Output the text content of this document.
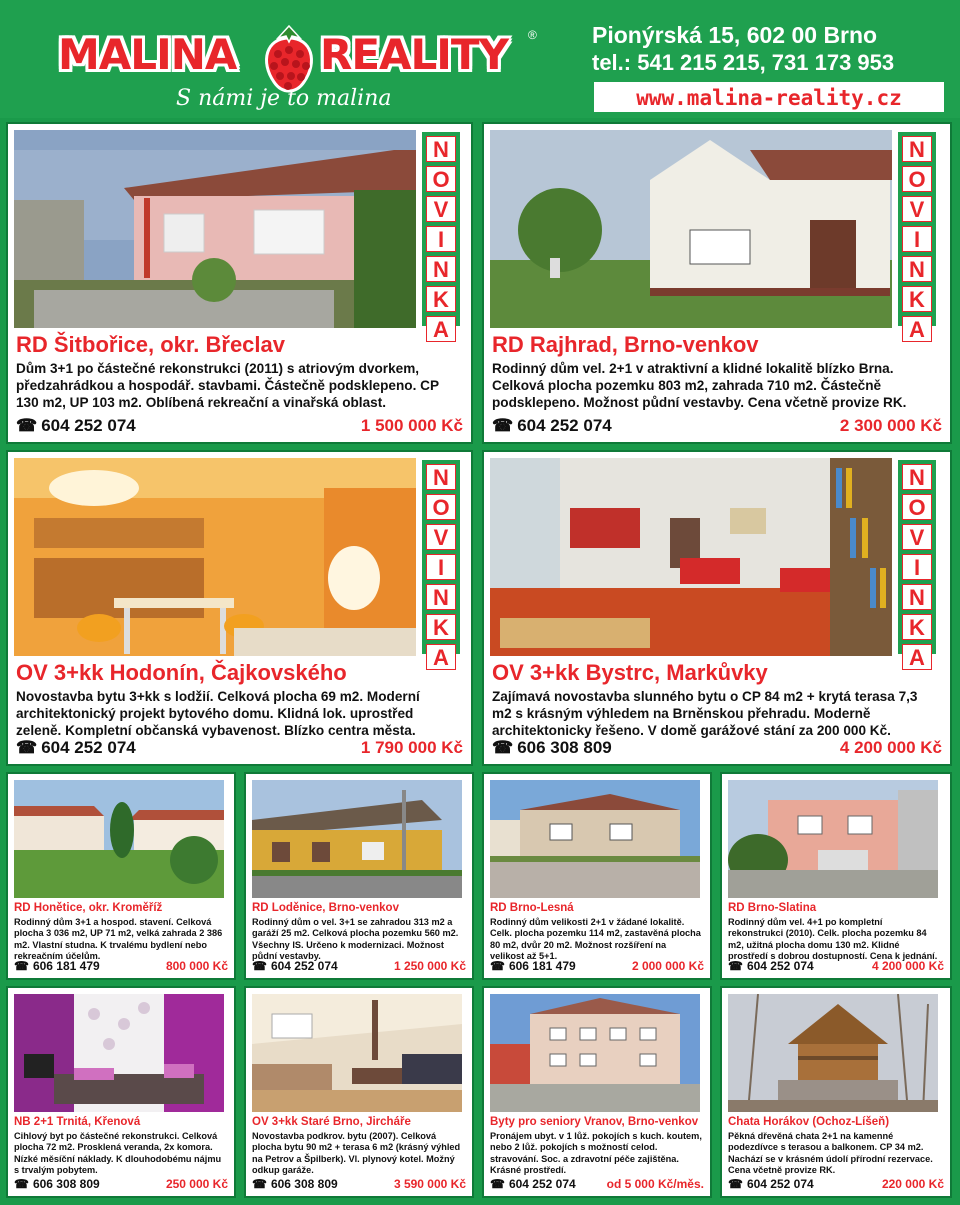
MALINA REALITY ®
S námi je to malina
Pionýrská 15, 602 00 Brno
tel.: 541 215 215, 731 173 953
www.malina-reality.cz
N
O
V
I
N
K
A
RD Šitbořice, okr. Břeclav
Dům 3+1 po částečné rekonstrukci (2011) s atriovým dvorkem, předzahrádkou a hospodář. stavbami. Částečně podsklepeno. CP 130 m2, UP 103 m2. Oblíbená rekreační a vinařská oblast.
☎ 604 252 074	1 500 000 Kč
N
O
V
I
N
K
A
RD Rajhrad, Brno-venkov
Rodinný dům vel. 2+1 v atraktivní a klidné lokalitě blízko Brna. Celková plocha pozemku 803 m2, zahrada 710 m2. Částečně podsklepeno. Možnost půdní vestavby. Cena včetně provize RK.
☎ 604 252 074	2 300 000 Kč
N
O
V
I
N
K
A
OV 3+kk Hodonín, Čajkovského
Novostavba bytu 3+kk s lodžií. Celková plocha 69 m2. Moderní architektonický projekt bytového domu. Klidná lok. uprostřed zeleně. Kompletní občanská vybavenost. Blízko centra města.
☎ 604 252 074	1 790 000 Kč
N
O
V
I
N
K
A
OV 3+kk Bystrc, Markůvky
Zajímavá novostavba slunného bytu o CP 84 m2 + krytá terasa 7,3 m2 s krásným výhledem na Brněnskou přehradu. Moderně architektonicky řešeno. V domě garážové stání za 200 000 Kč.
☎ 606 308 809	4 200 000 Kč
RD Honětice, okr. Kroměříž
Rodinný dům 3+1 a hospod. stavení. Celková plocha 3 036 m2, UP 71 m2, velká zahrada 2 386 m2. Vlastní studna. K trvalému bydlení nebo rekreačním účelům.
☎ 606 181 479	800 000 Kč
RD Loděnice, Brno-venkov
Rodinný dům o vel. 3+1 se zahradou 313 m2 a garáží 25 m2. Celková plocha pozemku 560 m2. Všechny IS. Určeno k modernizaci. Možnost půdní vestavby.
☎ 604 252 074	1 250 000 Kč
RD Brno-Lesná
Rodinný dům velikosti 2+1 v žádané lokalitě. Celk. plocha pozemku 114 m2, zastavěná plocha 80 m2, dvůr 20 m2. Možnost rozšíření na velikost až 5+1.
☎ 606 181 479	2 000 000 Kč
RD Brno-Slatina
Rodinný dům vel. 4+1 po kompletní rekonstrukci (2010). Celk. plocha pozemku 84 m2, užitná plocha domu 130 m2. Klidné prostředí s dobrou dostupností. Cena k jednání.
☎ 604 252 074	4 200 000 Kč
NB 2+1 Trnitá, Křenová
Cihlový byt po částečné rekonstrukci. Celková plocha 72 m2. Prosklená veranda, 2x komora. Nízké měsíční náklady. K dlouhodobému nájmu s trvalým pobytem.
☎ 606 308 809	250 000 Kč
OV 3+kk Staré Brno, Jircháře
Novostavba podkrov. bytu (2007). Celková plocha bytu 90 m2 + terasa 6 m2 (krásný výhled na Petrov a Špilberk). Vl. plynový kotel. Možný odkup garáže.
☎ 606 308 809	3 590 000 Kč
Byty pro seniory Vranov, Brno-venkov
Pronájem ubyt. v 1 lůž. pokojích s kuch. koutem, nebo 2 lůž. pokojích s možností celod. stravování. Soc. a zdravotní péče zajištěna. Krásné prostředí.
☎ 604 252 074	od 5 000 Kč/měs.
Chata Horákov (Ochoz-Líšeň)
Pěkná dřevěná chata 2+1 na kamenné podezdívce s terasou a balkonem. CP 34 m2. Nachází se v krásném údolí přírodní rezervace. Cena včetně provize RK.
☎ 604 252 074	220 000 Kč
